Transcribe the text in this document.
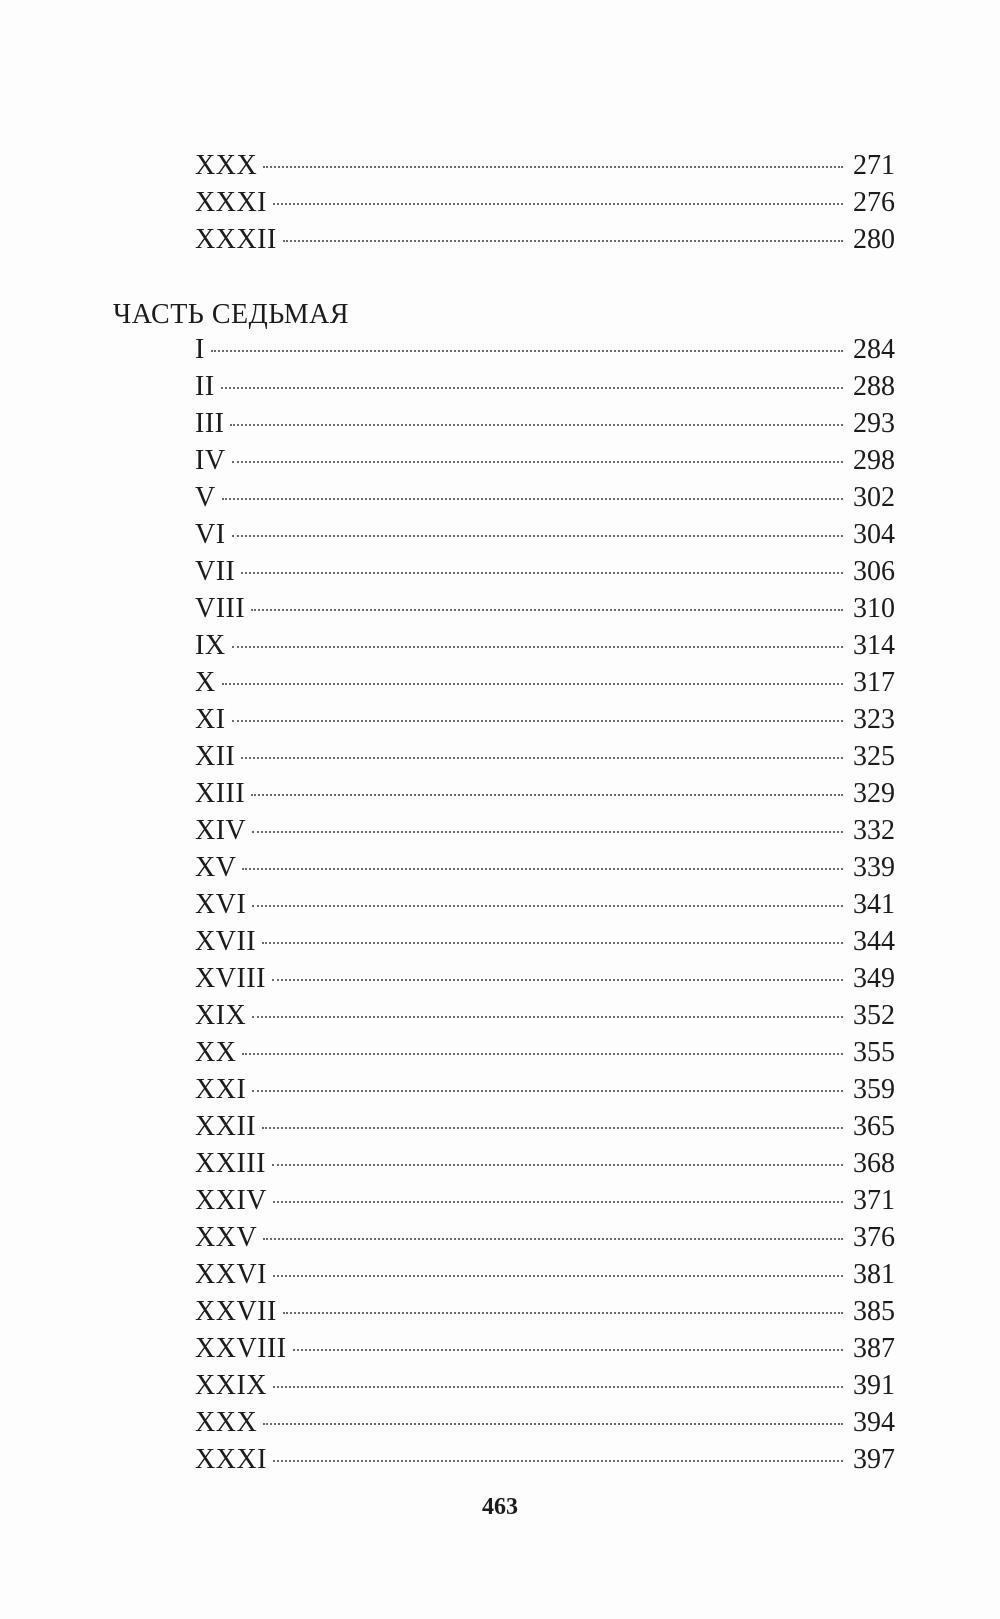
XXX	271
XXXI	276
XXXII	280
ЧАСТЬ СЕДЬМАЯ
I	284
II	288
III	293
IV	298
V	302
VI	304
VII	306
VIII	310
IX	314
X	317
XI	323
XII	325
XIII	329
XIV	332
XV	339
XVI	341
XVII	344
XVIII	349
XIX	352
XX	355
XXI	359
XXII	365
XXIII	368
XXIV	371
XXV	376
XXVI	381
XXVII	385
XXVIII	387
XXIX	391
XXX	394
XXXI	397
463
